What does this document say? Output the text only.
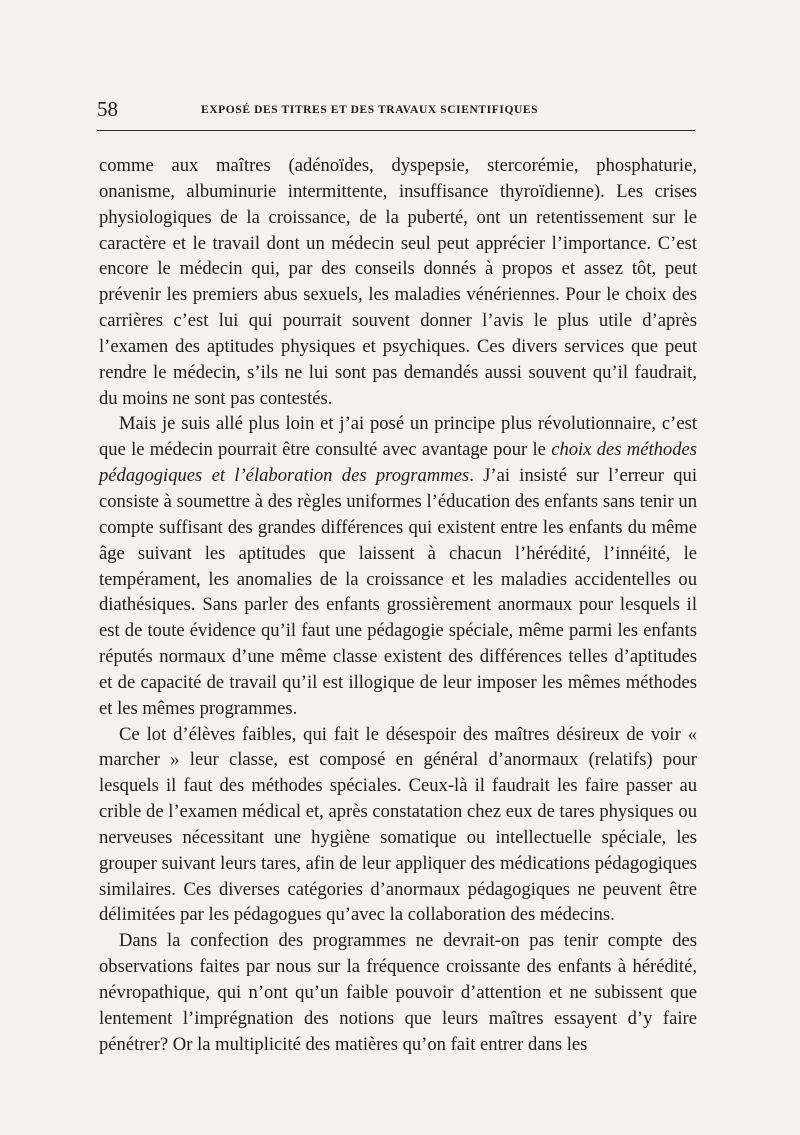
58	EXPOSÉ DES TITRES ET DES TRAVAUX SCIENTIFIQUES

comme aux maîtres (adénoïdes, dyspepsie, stercorémie, phosphaturie, onanisme, albuminurie intermittente, insuffisance thyroïdienne). Les crises physiologiques de la croissance, de la puberté, ont un retentissement sur le caractère et le travail dont un médecin seul peut apprécier l’importance. C’est encore le médecin qui, par des conseils donnés à propos et assez tôt, peut prévenir les premiers abus sexuels, les maladies vénériennes. Pour le choix des carrières c’est lui qui pourrait souvent donner l’avis le plus utile d’après l’examen des aptitudes physiques et psychiques. Ces divers services que peut rendre le médecin, s’ils ne lui sont pas demandés aussi souvent qu’il faudrait, du moins ne sont pas contestés.

Mais je suis allé plus loin et j’ai posé un principe plus révolutionnaire, c’est que le médecin pourrait être consulté avec avantage pour le choix des méthodes pédagogiques et l’élaboration des programmes. J’ai insisté sur l’erreur qui consiste à soumettre à des règles uniformes l’éducation des enfants sans tenir un compte suffisant des grandes différences qui existent entre les enfants du même âge suivant les aptitudes que laissent à chacun l’hérédité, l’innéité, le tempérament, les anomalies de la croissance et les maladies accidentelles ou diathésiques. Sans parler des enfants grossièrement anormaux pour lesquels il est de toute évidence qu’il faut une pédagogie spéciale, même parmi les enfants réputés normaux d’une même classe existent des différences telles d’aptitudes et de capacité de travail qu’il est illogique de leur imposer les mêmes méthodes et les mêmes programmes.

Ce lot d’élèves faibles, qui fait le désespoir des maîtres désireux de voir « marcher » leur classe, est composé en général d’anormaux (relatifs) pour lesquels il faut des méthodes spéciales. Ceux-là il faudrait les faire passer au crible de l’examen médical et, après constatation chez eux de tares physiques ou nerveuses nécessitant une hygiène somatique ou intellectuelle spéciale, les grouper suivant leurs tares, afin de leur appliquer des médications pédagogiques similaires. Ces diverses catégories d’anormaux pédagogiques ne peuvent être délimitées par les pédagogues qu’avec la collaboration des médecins.

Dans la confection des programmes ne devrait-on pas tenir compte des observations faites par nous sur la fréquence croissante des enfants à hérédité, névropathique, qui n’ont qu’un faible pouvoir d’attention et ne subissent que lentement l’imprégnation des notions que leurs maîtres essayent d’y faire pénétrer? Or la multiplicité des matières qu’on fait entrer dans les
